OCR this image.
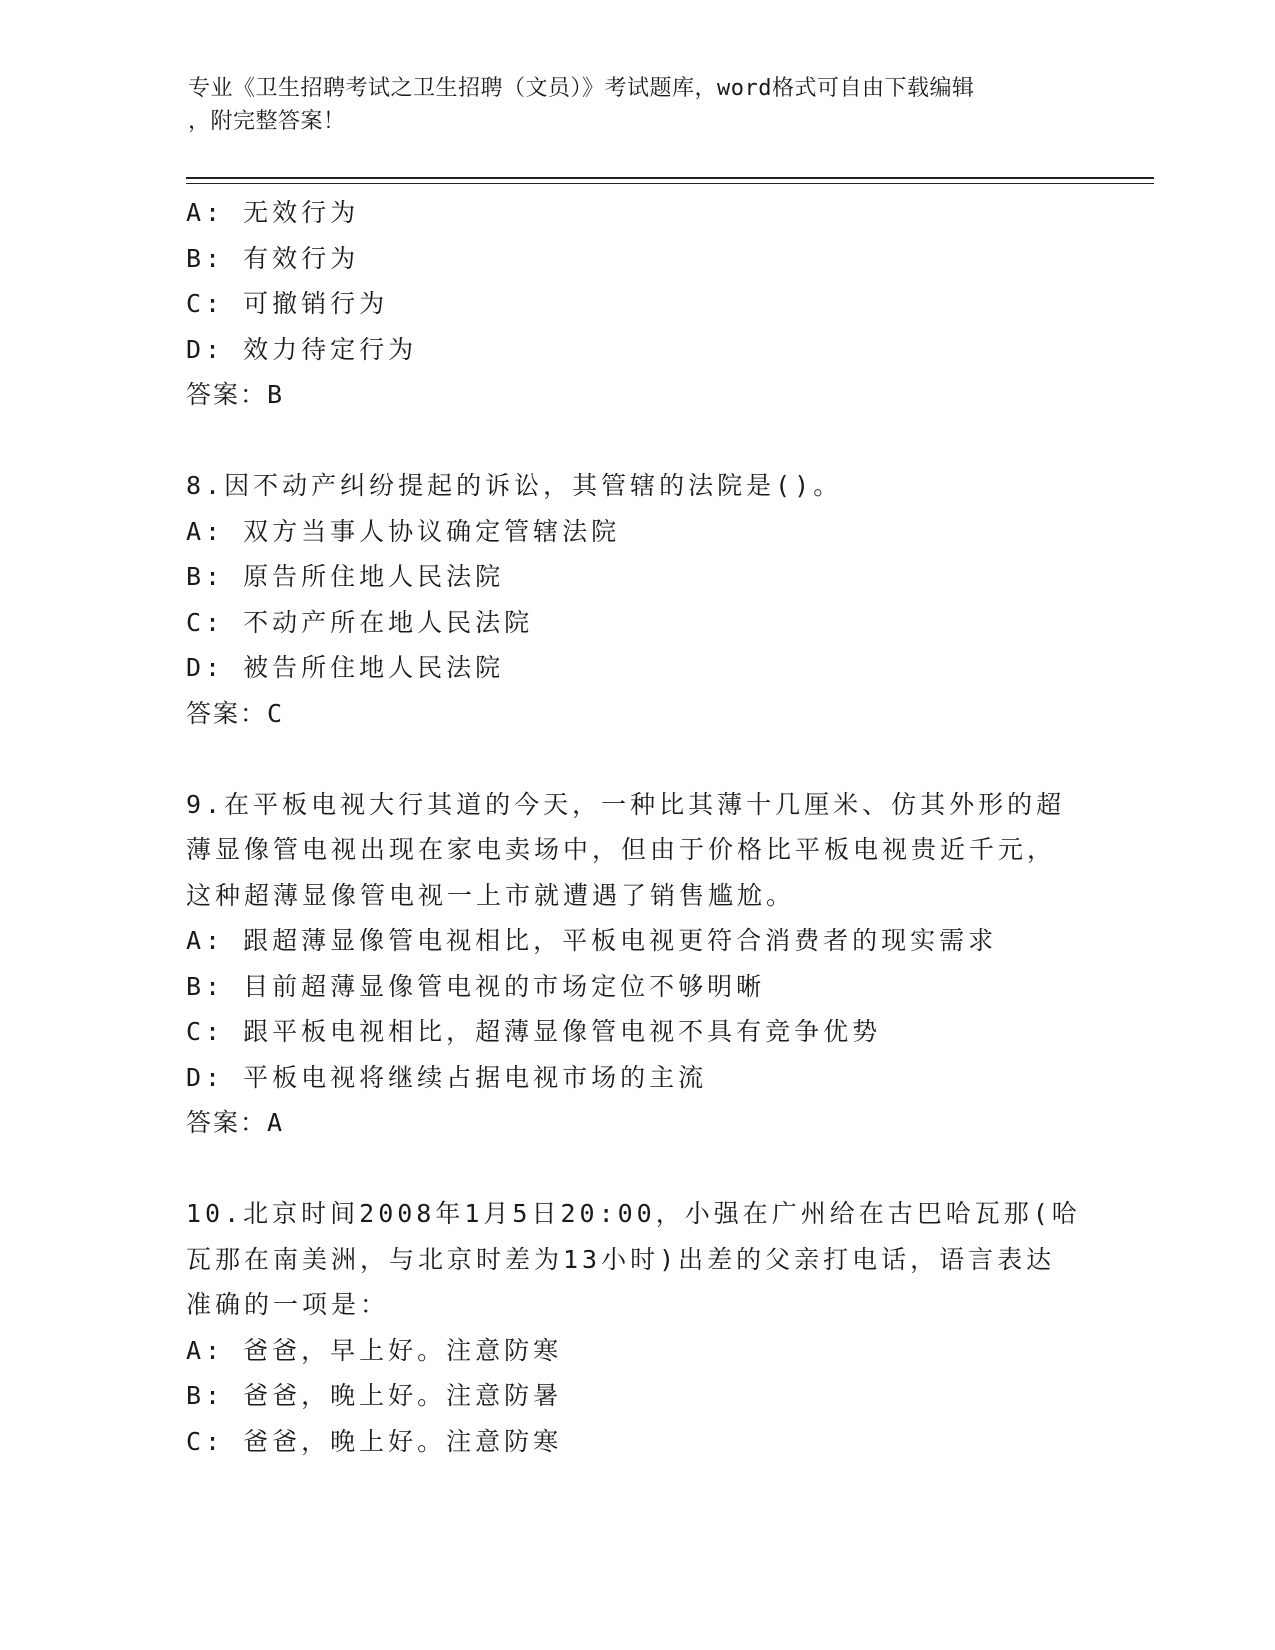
专业《卫生招聘考试之卫生招聘（文员）》考试题库，word格式可自由下载编辑
，附完整答案！
A: 无效行为
B: 有效行为
C: 可撤销行为
D: 效力待定行为
答案：B
8.因不动产纠纷提起的诉讼，其管辖的法院是()。
A: 双方当事人协议确定管辖法院
B: 原告所住地人民法院
C: 不动产所在地人民法院
D: 被告所住地人民法院
答案：C
9.在平板电视大行其道的今天，一种比其薄十几厘米、仿其外形的超
薄显像管电视出现在家电卖场中，但由于价格比平板电视贵近千元，
这种超薄显像管电视一上市就遭遇了销售尴尬。
A: 跟超薄显像管电视相比，平板电视更符合消费者的现实需求
B: 目前超薄显像管电视的市场定位不够明晰
C: 跟平板电视相比，超薄显像管电视不具有竞争优势
D: 平板电视将继续占据电视市场的主流
答案：A
10.北京时间2008年1月5日20:00，小强在广州给在古巴哈瓦那(哈
瓦那在南美洲，与北京时差为13小时)出差的父亲打电话，语言表达
准确的一项是：
A: 爸爸，早上好。注意防寒
B: 爸爸，晚上好。注意防暑
C: 爸爸，晚上好。注意防寒
